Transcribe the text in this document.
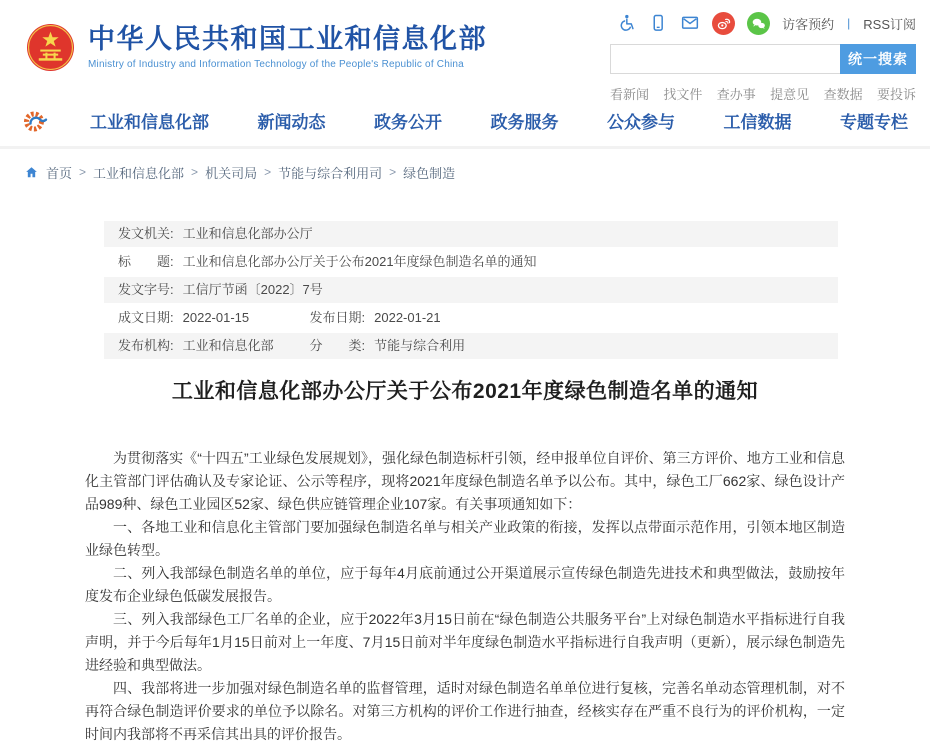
中华人民共和国工业和信息化部
Ministry of Industry and Information Technology of the People's Republic of China
访客预约 | RSS订阅
统一搜索
看新闻 找文件 查办事 提意见 查数据 要投诉
工业和信息化部	新闻动态	政务公开	政务服务	公众参与	工信数据	专题专栏
首页 > 工业和信息化部 > 机关司局 > 节能与综合利用司 > 绿色制造
发文机关: 工业和信息化部办公厅
标　　题: 工业和信息化部办公厅关于公布2021年度绿色制造名单的通知
发文字号: 工信厅节函〔2022〕7号
成文日期: 2022-01-15	发布日期: 2022-01-21
发布机构: 工业和信息化部	分　　类: 节能与综合利用
工业和信息化部办公厅关于公布2021年度绿色制造名单的通知

为贯彻落实《“十四五”工业绿色发展规划》，强化绿色制造标杆引领，经申报单位自评价、第三方评价、地方工业和信息化主管部门评估确认及专家论证、公示等程序，现将2021年度绿色制造名单予以公布。其中，绿色工厂662家、绿色设计产品989种、绿色工业园区52家、绿色供应链管理企业107家。有关事项通知如下：

一、各地工业和信息化主管部门要加强绿色制造名单与相关产业政策的衔接，发挥以点带面示范作用，引领本地区制造业绿色转型。

二、列入我部绿色制造名单的单位，应于每年4月底前通过公开渠道展示宣传绿色制造先进技术和典型做法，鼓励按年度发布企业绿色低碳发展报告。

三、列入我部绿色工厂名单的企业，应于2022年3月15日前在“绿色制造公共服务平台”上对绿色制造水平指标进行自我声明，并于今后每年1月15日前对上一年度、7月15日前对半年度绿色制造水平指标进行自我声明（更新），展示绿色制造先进经验和典型做法。

四、我部将进一步加强对绿色制造名单的监督管理，适时对绿色制造名单单位进行复核，完善名单动态管理机制，对不再符合绿色制造评价要求的单位予以除名。对第三方机构的评价工作进行抽查，经核实存在严重不良行为的评价机构，一定时间内我部将不再采信其出具的评价报告。
